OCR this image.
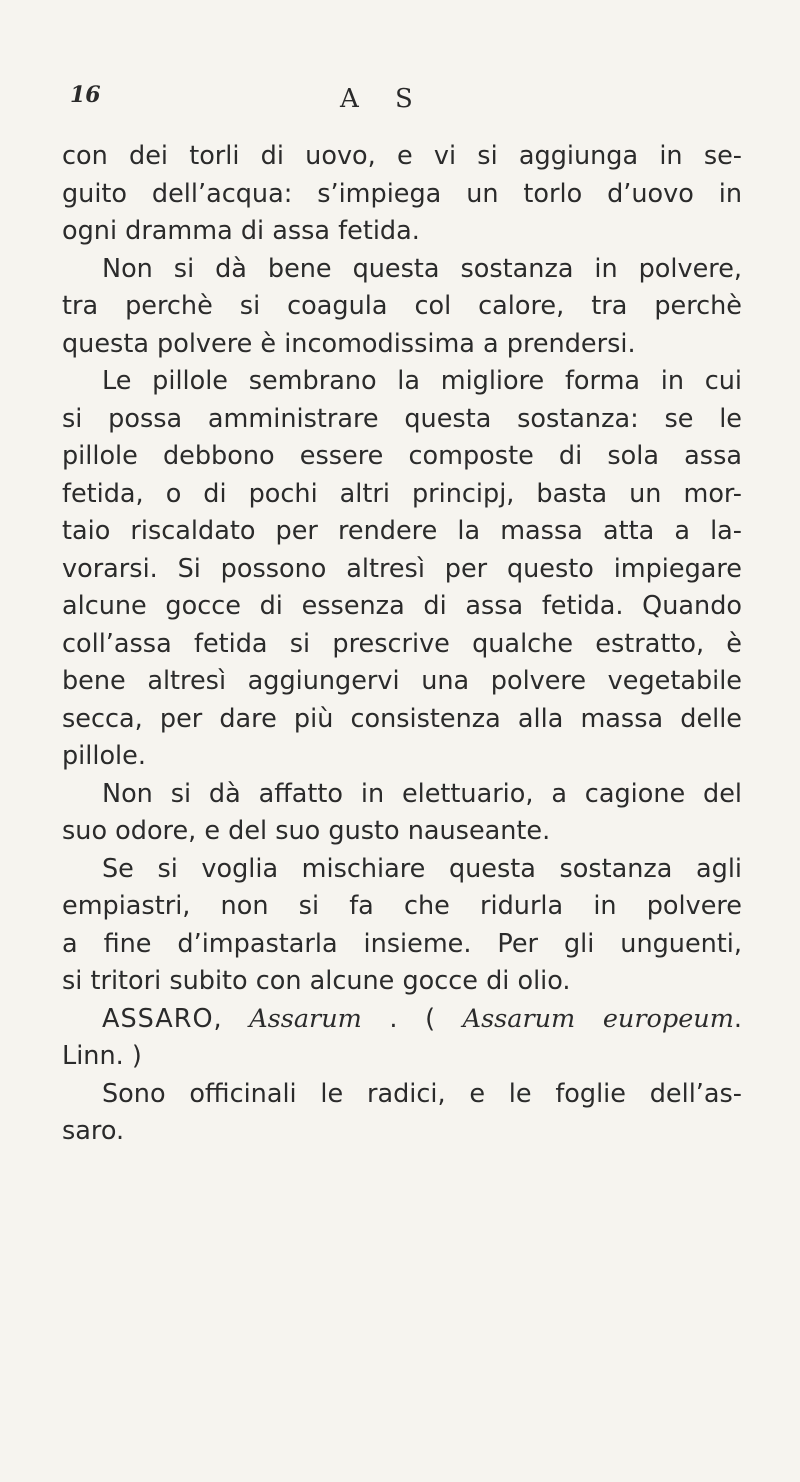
16	A S
con dei torli di uovo, e vi si aggiunga in se-
guito dell’acqua: s’impiega un torlo d’uovo in
ogni dramma di assa fetida.
Non si dà bene questa sostanza in polvere,
tra perchè si coagula col calore, tra perchè
questa polvere è incomodissima a prendersi.
Le pillole sembrano la migliore forma in cui
si possa amministrare questa sostanza: se le
pillole debbono essere composte di sola assa
fetida, o di pochi altri principj, basta un mor-
taio riscaldato per rendere la massa atta a la-
vorarsi. Si possono altresì per questo impiegare
alcune gocce di essenza di assa fetida. Quando
coll’assa fetida si prescrive qualche estratto, è
bene altresì aggiungervi una polvere vegetabile
secca, per dare più consistenza alla massa delle
pillole.
Non si dà affatto in elettuario, a cagione del
suo odore, e del suo gusto nauseante.
Se si voglia mischiare questa sostanza agli
empiastri, non si fa che ridurla in polvere
a fine d’impastarla insieme. Per gli unguenti,
si tritori subito con alcune gocce di olio.
ASSARO, Assarum . ( Assarum europeum.
Linn. )
Sono officinali le radici, e le foglie dell’as-
saro.
